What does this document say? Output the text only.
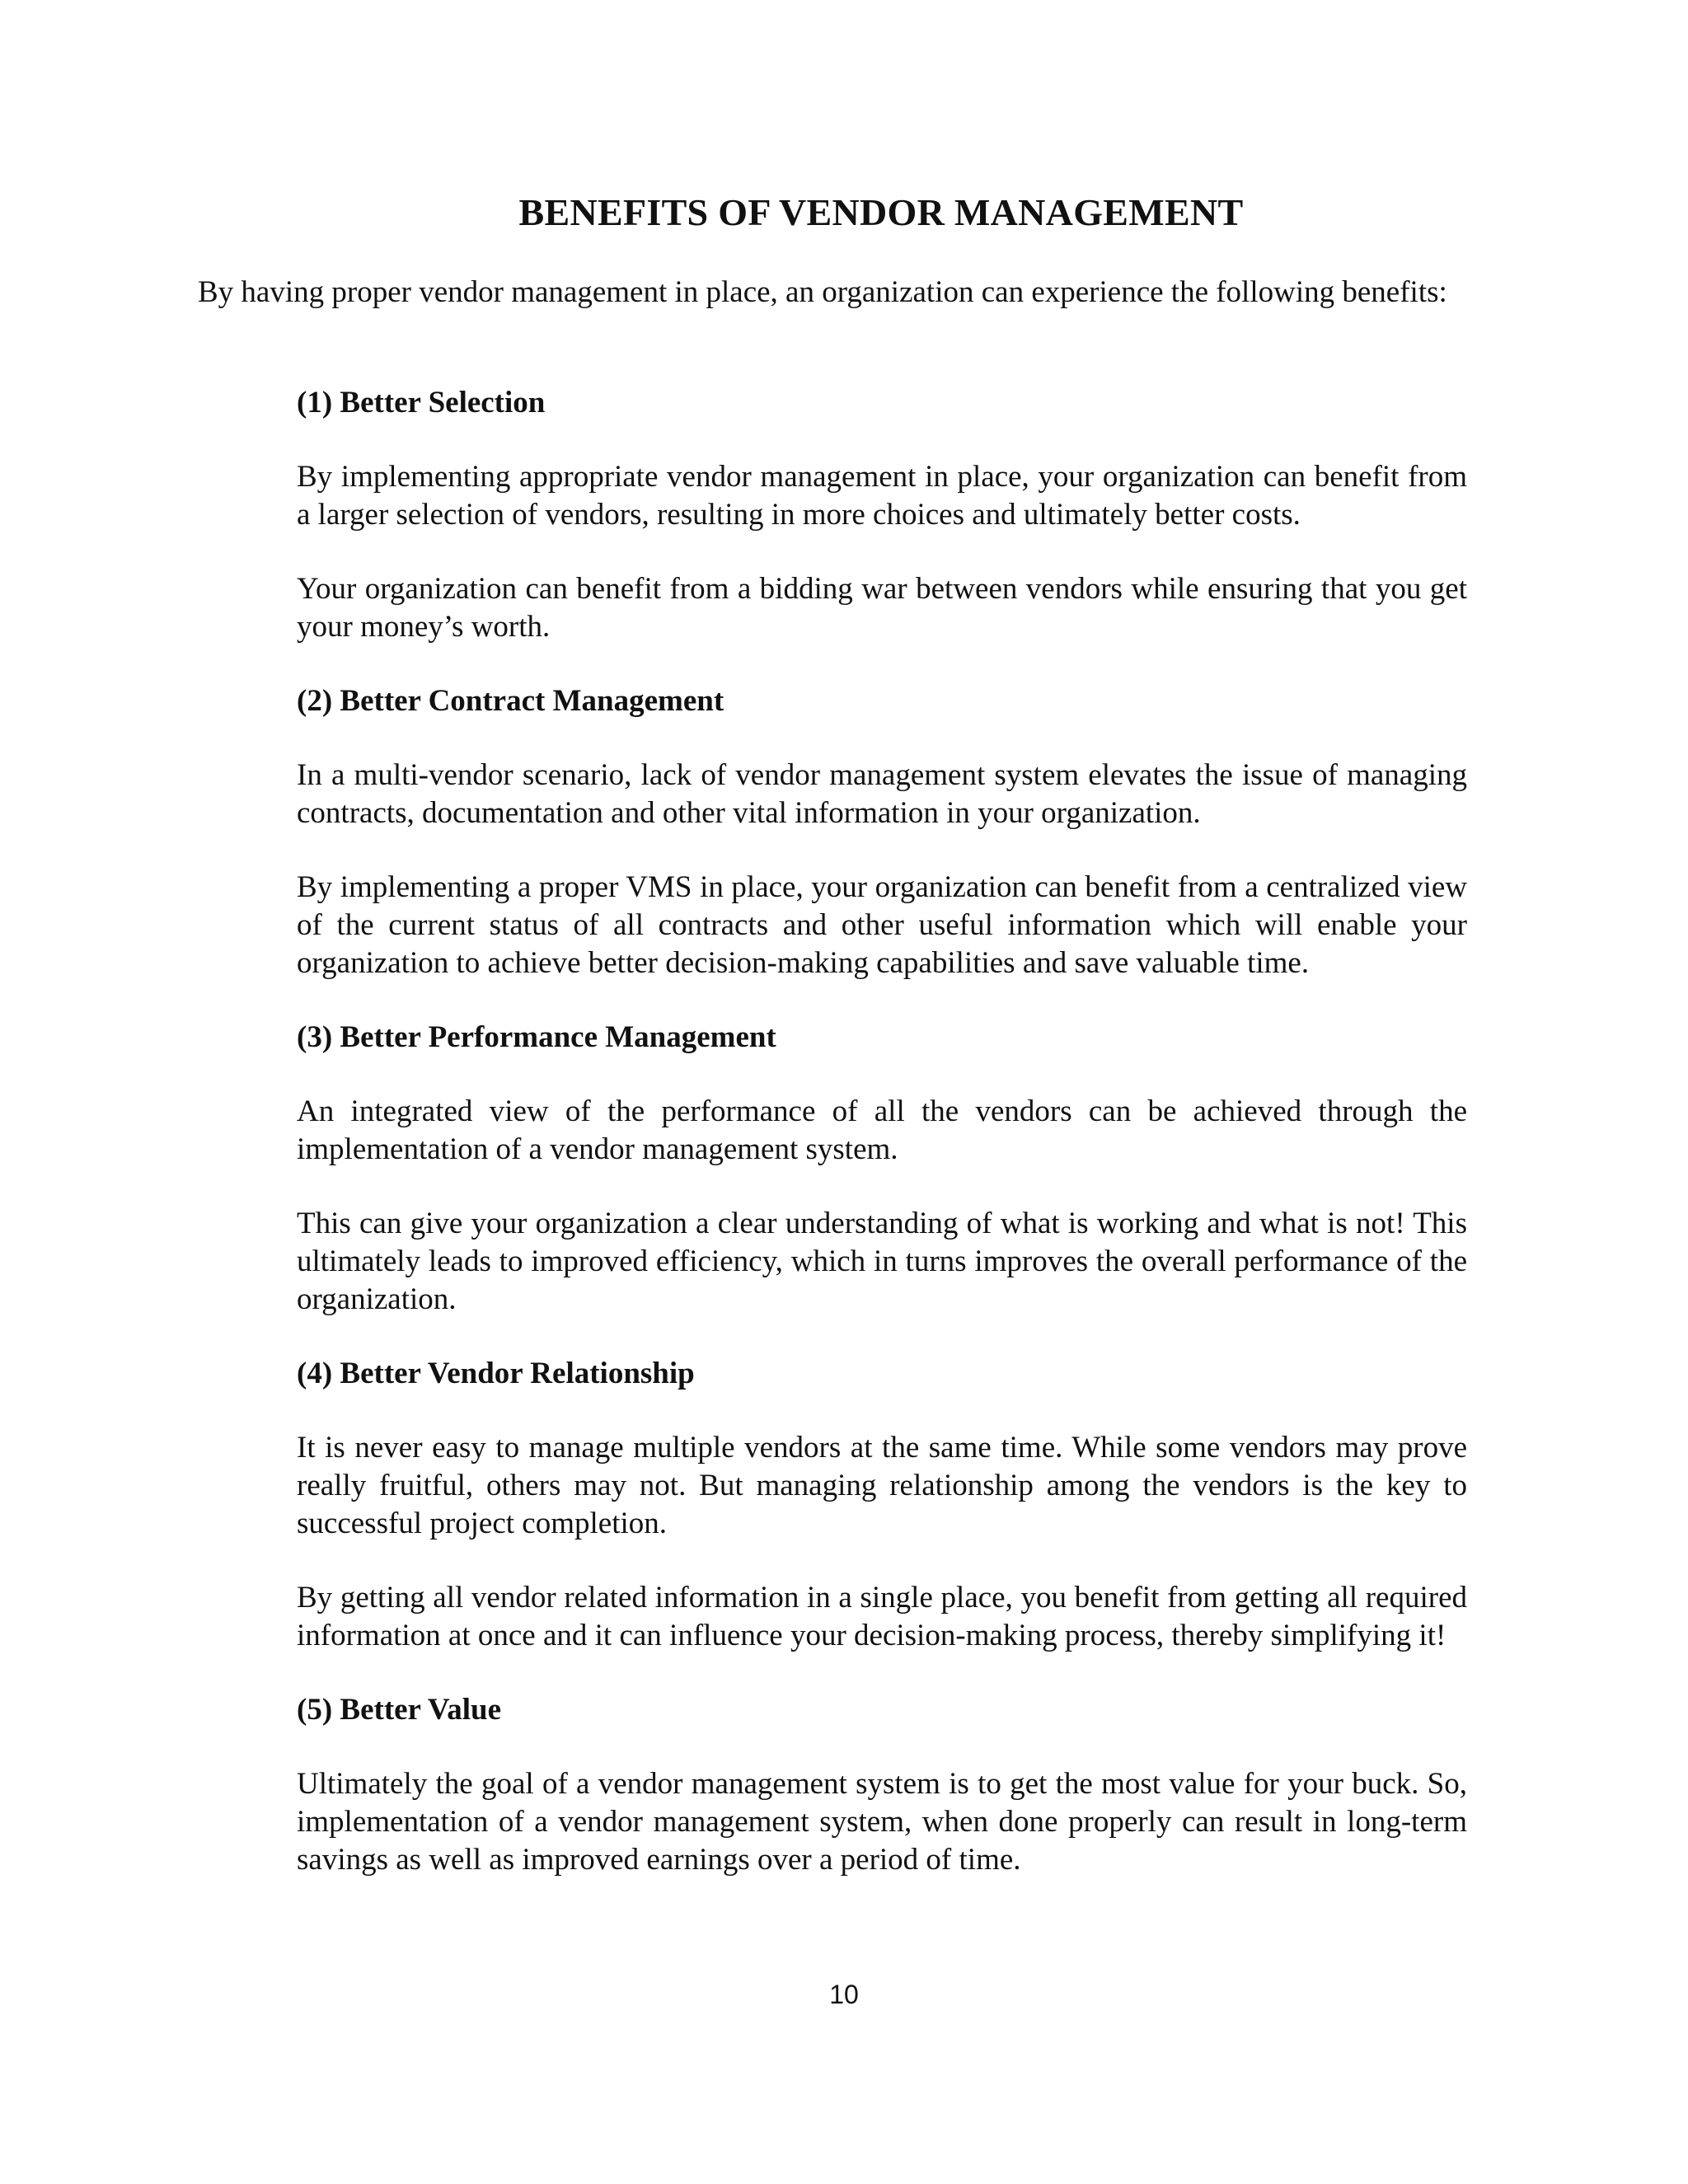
BENEFITS OF VENDOR MANAGEMENT

By having proper vendor management in place, an organization can experience the following benefits:

(1) Better Selection

By implementing appropriate vendor management in place, your organization can benefit from a larger selection of vendors, resulting in more choices and ultimately better costs.

Your organization can benefit from a bidding war between vendors while ensuring that you get your money’s worth.

(2) Better Contract Management

In a multi-vendor scenario, lack of vendor management system elevates the issue of managing contracts, documentation and other vital information in your organization.

By implementing a proper VMS in place, your organization can benefit from a centralized view of the current status of all contracts and other useful information which will enable your organization to achieve better decision-making capabilities and save valuable time.

(3) Better Performance Management

An integrated view of the performance of all the vendors can be achieved through the implementation of a vendor management system.

This can give your organization a clear understanding of what is working and what is not! This ultimately leads to improved efficiency, which in turns improves the overall performance of the organization.

(4) Better Vendor Relationship

It is never easy to manage multiple vendors at the same time. While some vendors may prove really fruitful, others may not. But managing relationship among the vendors is the key to successful project completion.

By getting all vendor related information in a single place, you benefit from getting all required information at once and it can influence your decision-making process, thereby simplifying it!

(5) Better Value

Ultimately the goal of a vendor management system is to get the most value for your buck. So, implementation of a vendor management system, when done properly can result in long-term savings as well as improved earnings over a period of time.

10
